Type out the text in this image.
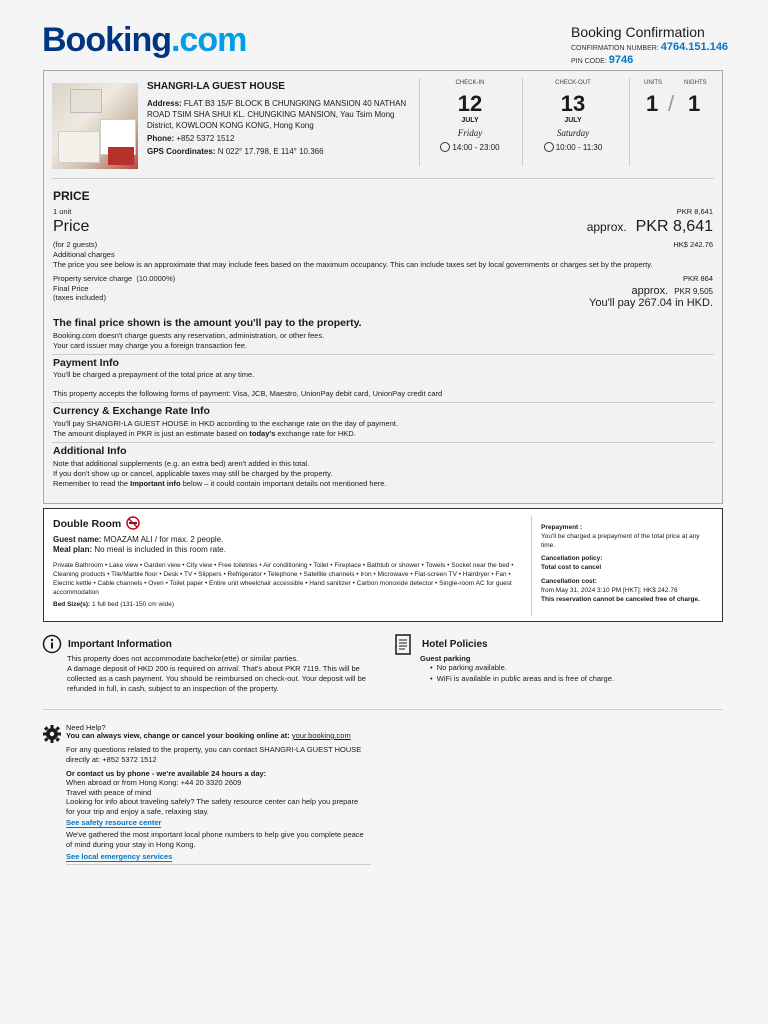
Booking.com	Booking Confirmation
CONFIRMATION NUMBER: 4764.151.146
PIN CODE: 9746
SHANGRI-LA GUEST HOUSE
Address: FLAT B3 15/F BLOCK B CHUNGKING MANSION 40 NATHAN ROAD TSIM SHA SHUI KL. CHUNGKING MANSION, Yau Tsim Mong District, KOWLOON KONG KONG, Hong Kong
Phone: +852 5372 1512
GPS Coordinates: N 022° 17.798, E 114° 10.366
CHECK-IN
12
JULY
Friday
14:00 - 23:00
CHECK-OUT
13
JULY
Saturday
10:00 - 11:30
UNITS	NIGHTS
1 / 1
PRICE
1 unit	PKR 8,641
Price	approx. PKR 8,641
(for 2 guests)	HK$ 242.76
Additional charges
The price you see below is an approximate that may include fees based on the maximum occupancy. This can include taxes set by local governments or charges set by the property.
Property service charge (10.0000%)	PKR 864
Final Price	approx. PKR 9,505
(taxes included)	You'll pay 267.04 in HKD.
The final price shown is the amount you'll pay to the property.
Booking.com doesn't charge guests any reservation, administration, or other fees.
Your card issuer may charge you a foreign transaction fee.
Payment Info
You'll be charged a prepayment of the total price at any time.
This property accepts the following forms of payment: Visa, JCB, Maestro, UnionPay debit card, UnionPay credit card
Currency & Exchange Rate Info
You'll pay SHANGRI-LA GUEST HOUSE in HKD according to the exchange rate on the day of payment.
The amount displayed in PKR is just an estimate based on today's exchange rate for HKD.
Additional Info
Note that additional supplements (e.g. an extra bed) aren't added in this total.
If you don't show up or cancel, applicable taxes may still be charged by the property.
Remember to read the Important info below – it could contain important details not mentioned here.
Double Room
Guest name: MOAZAM ALI / for max. 2 people.
Meal plan: No meal is included in this room rate.
Private Bathroom • Lake view • Garden view • City view • Free toiletries • Air conditioning • Toilet • Fireplace • Bathtub or shower • Towels • Socket near the bed • Cleaning products • Tile/Marble floor • Desk • TV • Slippers • Refrigerator • Telephone • Satellite channels • Iron • Microwave • Flat-screen TV • Hairdryer • Fan • Electric kettle • Cable channels • Oven • Toilet paper • Entire unit wheelchair accessible • Hand sanitizer • Carbon monoxide detector • Single-room AC for guest accommodation
Bed Size(s): 1 full bed (131-150 cm wide)
Prepayment :
You'll be charged a prepayment of the total price at any time.
Cancellation policy:
Total cost to cancel
Cancellation cost:
from May 31, 2024 3:10 PM [HKT]: HK$ 242.76
This reservation cannot be canceled free of charge.
Important Information
This property does not accommodate bachelor(ette) or similar parties.
A damage deposit of HKD 200 is required on arrival. That's about PKR 7119. This will be collected as a cash payment. You should be reimbursed on check-out. Your deposit will be refunded in full, in cash, subject to an inspection of the property.
Hotel Policies
Guest parking
•  No parking available.
•  WiFi is available in public areas and is free of charge.
Need Help?
You can always view, change or cancel your booking online at: your.booking.com
For any questions related to the property, you can contact SHANGRI-LA GUEST HOUSE directly at: +852 5372 1512
Or contact us by phone - we're available 24 hours a day:
When abroad or from Hong Kong: +44 20 3320 2609
Travel with peace of mind
Looking for info about traveling safely? The safety resource center can help you prepare for your trip and enjoy a safe, relaxing stay.
See safety resource center
We've gathered the most important local phone numbers to help give you complete peace of mind during your stay in Hong Kong.
See local emergency services
